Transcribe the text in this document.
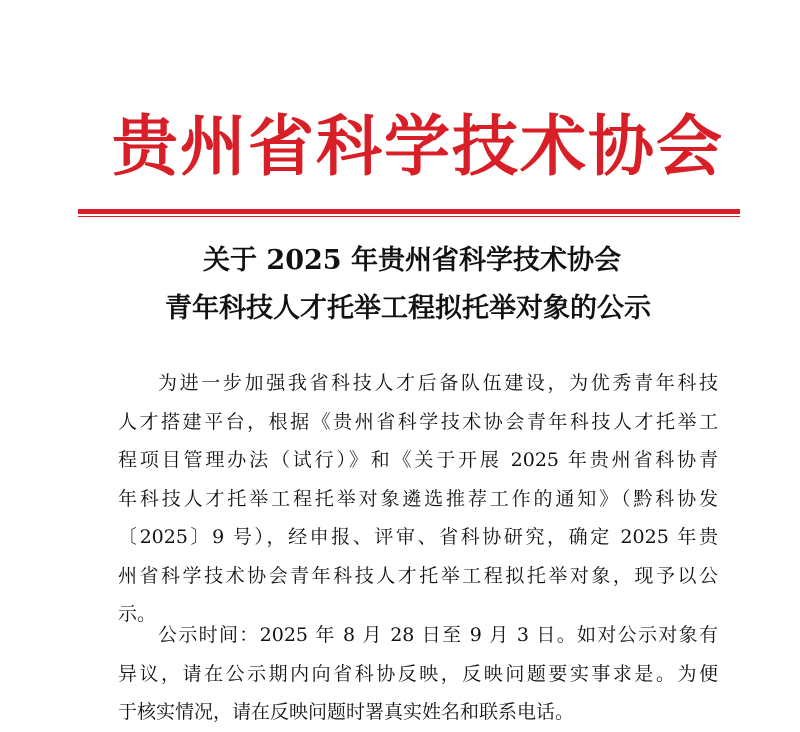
贵 州 省 科 学 技 术 协 会
关于 2025 年贵州省科学技术协会
青年科技人才托举工程拟托举对象的公示
为进一步加强我省科技人才后备队伍建设，为优秀青年科技
人才搭建平台，根据《贵州省科学技术协会青年科技人才托举工
程项目管理办法（试行）》和《关于开展 2025 年贵州省科协青
年科技人才托举工程托举对象遴选推荐工作的通知》（黔科协发
〔2025〕9 号），经申报、评审、省科协研究，确定 2025 年贵
州省科学技术协会青年科技人才托举工程拟托举对象，现予以公
示。
公示时间：2025 年 8 月 28 日至 9 月 3 日。如对公示对象有
异议，请在公示期内向省科协反映，反映问题要实事求是。为便
于核实情况，请在反映问题时署真实姓名和联系电话。
